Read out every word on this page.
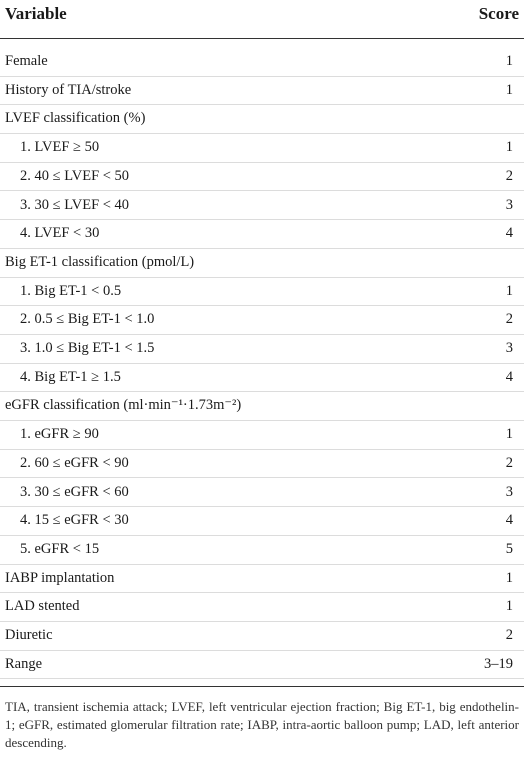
Variable	Score
Female	1
History of TIA/stroke	1
LVEF classification (%)
1. LVEF ≥ 50	1
2. 40 ≤ LVEF < 50	2
3. 30 ≤ LVEF < 40	3
4. LVEF < 30	4
Big ET-1 classification (pmol/L)
1. Big ET-1 < 0.5	1
2. 0.5 ≤ Big ET-1 < 1.0	2
3. 1.0 ≤ Big ET-1 < 1.5	3
4. Big ET-1 ≥ 1.5	4
eGFR classification (ml·min⁻¹·1.73m⁻²)
1. eGFR ≥ 90	1
2. 60 ≤ eGFR < 90	2
3. 30 ≤ eGFR < 60	3
4. 15 ≤ eGFR < 30	4
5. eGFR < 15	5
IABP implantation	1
LAD stented	1
Diuretic	2
Range	3–19
TIA, transient ischemia attack; LVEF, left ventricular ejection fraction; Big ET-1, big endothelin-1; eGFR, estimated glomerular filtration rate; IABP, intra-aortic balloon pump; LAD, left anterior descending.
